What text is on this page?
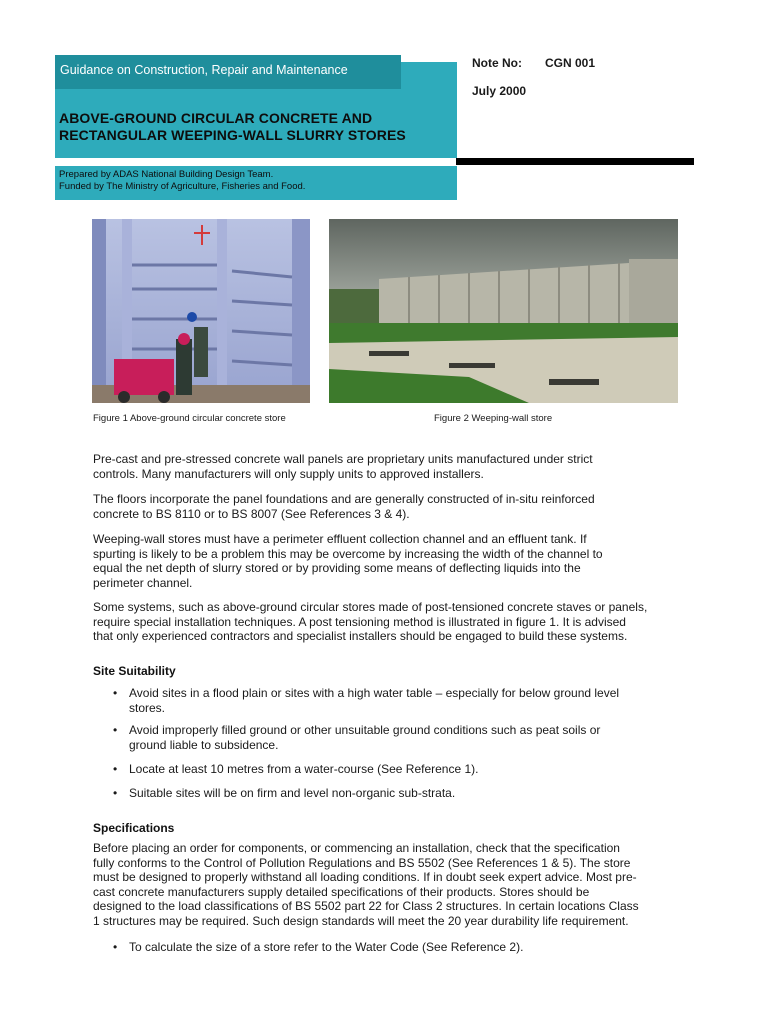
Guidance on Construction, Repair and Maintenance
ABOVE-GROUND CIRCULAR CONCRETE AND
RECTANGULAR WEEPING-WALL SLURRY STORES
Prepared by ADAS National Building Design Team.
Funded by The Ministry of Agriculture, Fisheries and Food.
Note No: CGN 001
July 2000
Figure 1 Above-ground circular concrete store	Figure 2 Weeping-wall store
Pre-cast and pre-stressed concrete wall panels are proprietary units manufactured under strict
controls. Many manufacturers will only supply units to approved installers.
The floors incorporate the panel foundations and are generally constructed of in-situ reinforced
concrete to BS 8110 or to BS 8007 (See References 3 & 4).
Weeping-wall stores must have a perimeter effluent collection channel and an effluent tank. If
spurting is likely to be a problem this may be overcome by increasing the width of the channel to
equal the net depth of slurry stored or by providing some means of deflecting liquids into the
perimeter channel.
Some systems, such as above-ground circular stores made of post-tensioned concrete staves or panels,
require special installation techniques. A post tensioning method is illustrated in figure 1. It is advised
that only experienced contractors and specialist installers should be engaged to build these systems.
Site Suitability
• Avoid sites in a flood plain or sites with a high water table – especially for below ground level
stores.
• Avoid improperly filled ground or other unsuitable ground conditions such as peat soils or
ground liable to subsidence.
• Locate at least 10 metres from a water-course (See Reference 1).
• Suitable sites will be on firm and level non-organic sub-strata.
Specifications
Before placing an order for components, or commencing an installation, check that the specification
fully conforms to the Control of Pollution Regulations and BS 5502 (See References 1 & 5). The store
must be designed to properly withstand all loading conditions. If in doubt seek expert advice. Most pre-
cast concrete manufacturers supply detailed specifications of their products. Stores should be
designed to the load classifications of BS 5502 part 22 for Class 2 structures. In certain locations Class
1 structures may be required. Such design standards will meet the 20 year durability life requirement.
• To calculate the size of a store refer to the Water Code (See Reference 2).
